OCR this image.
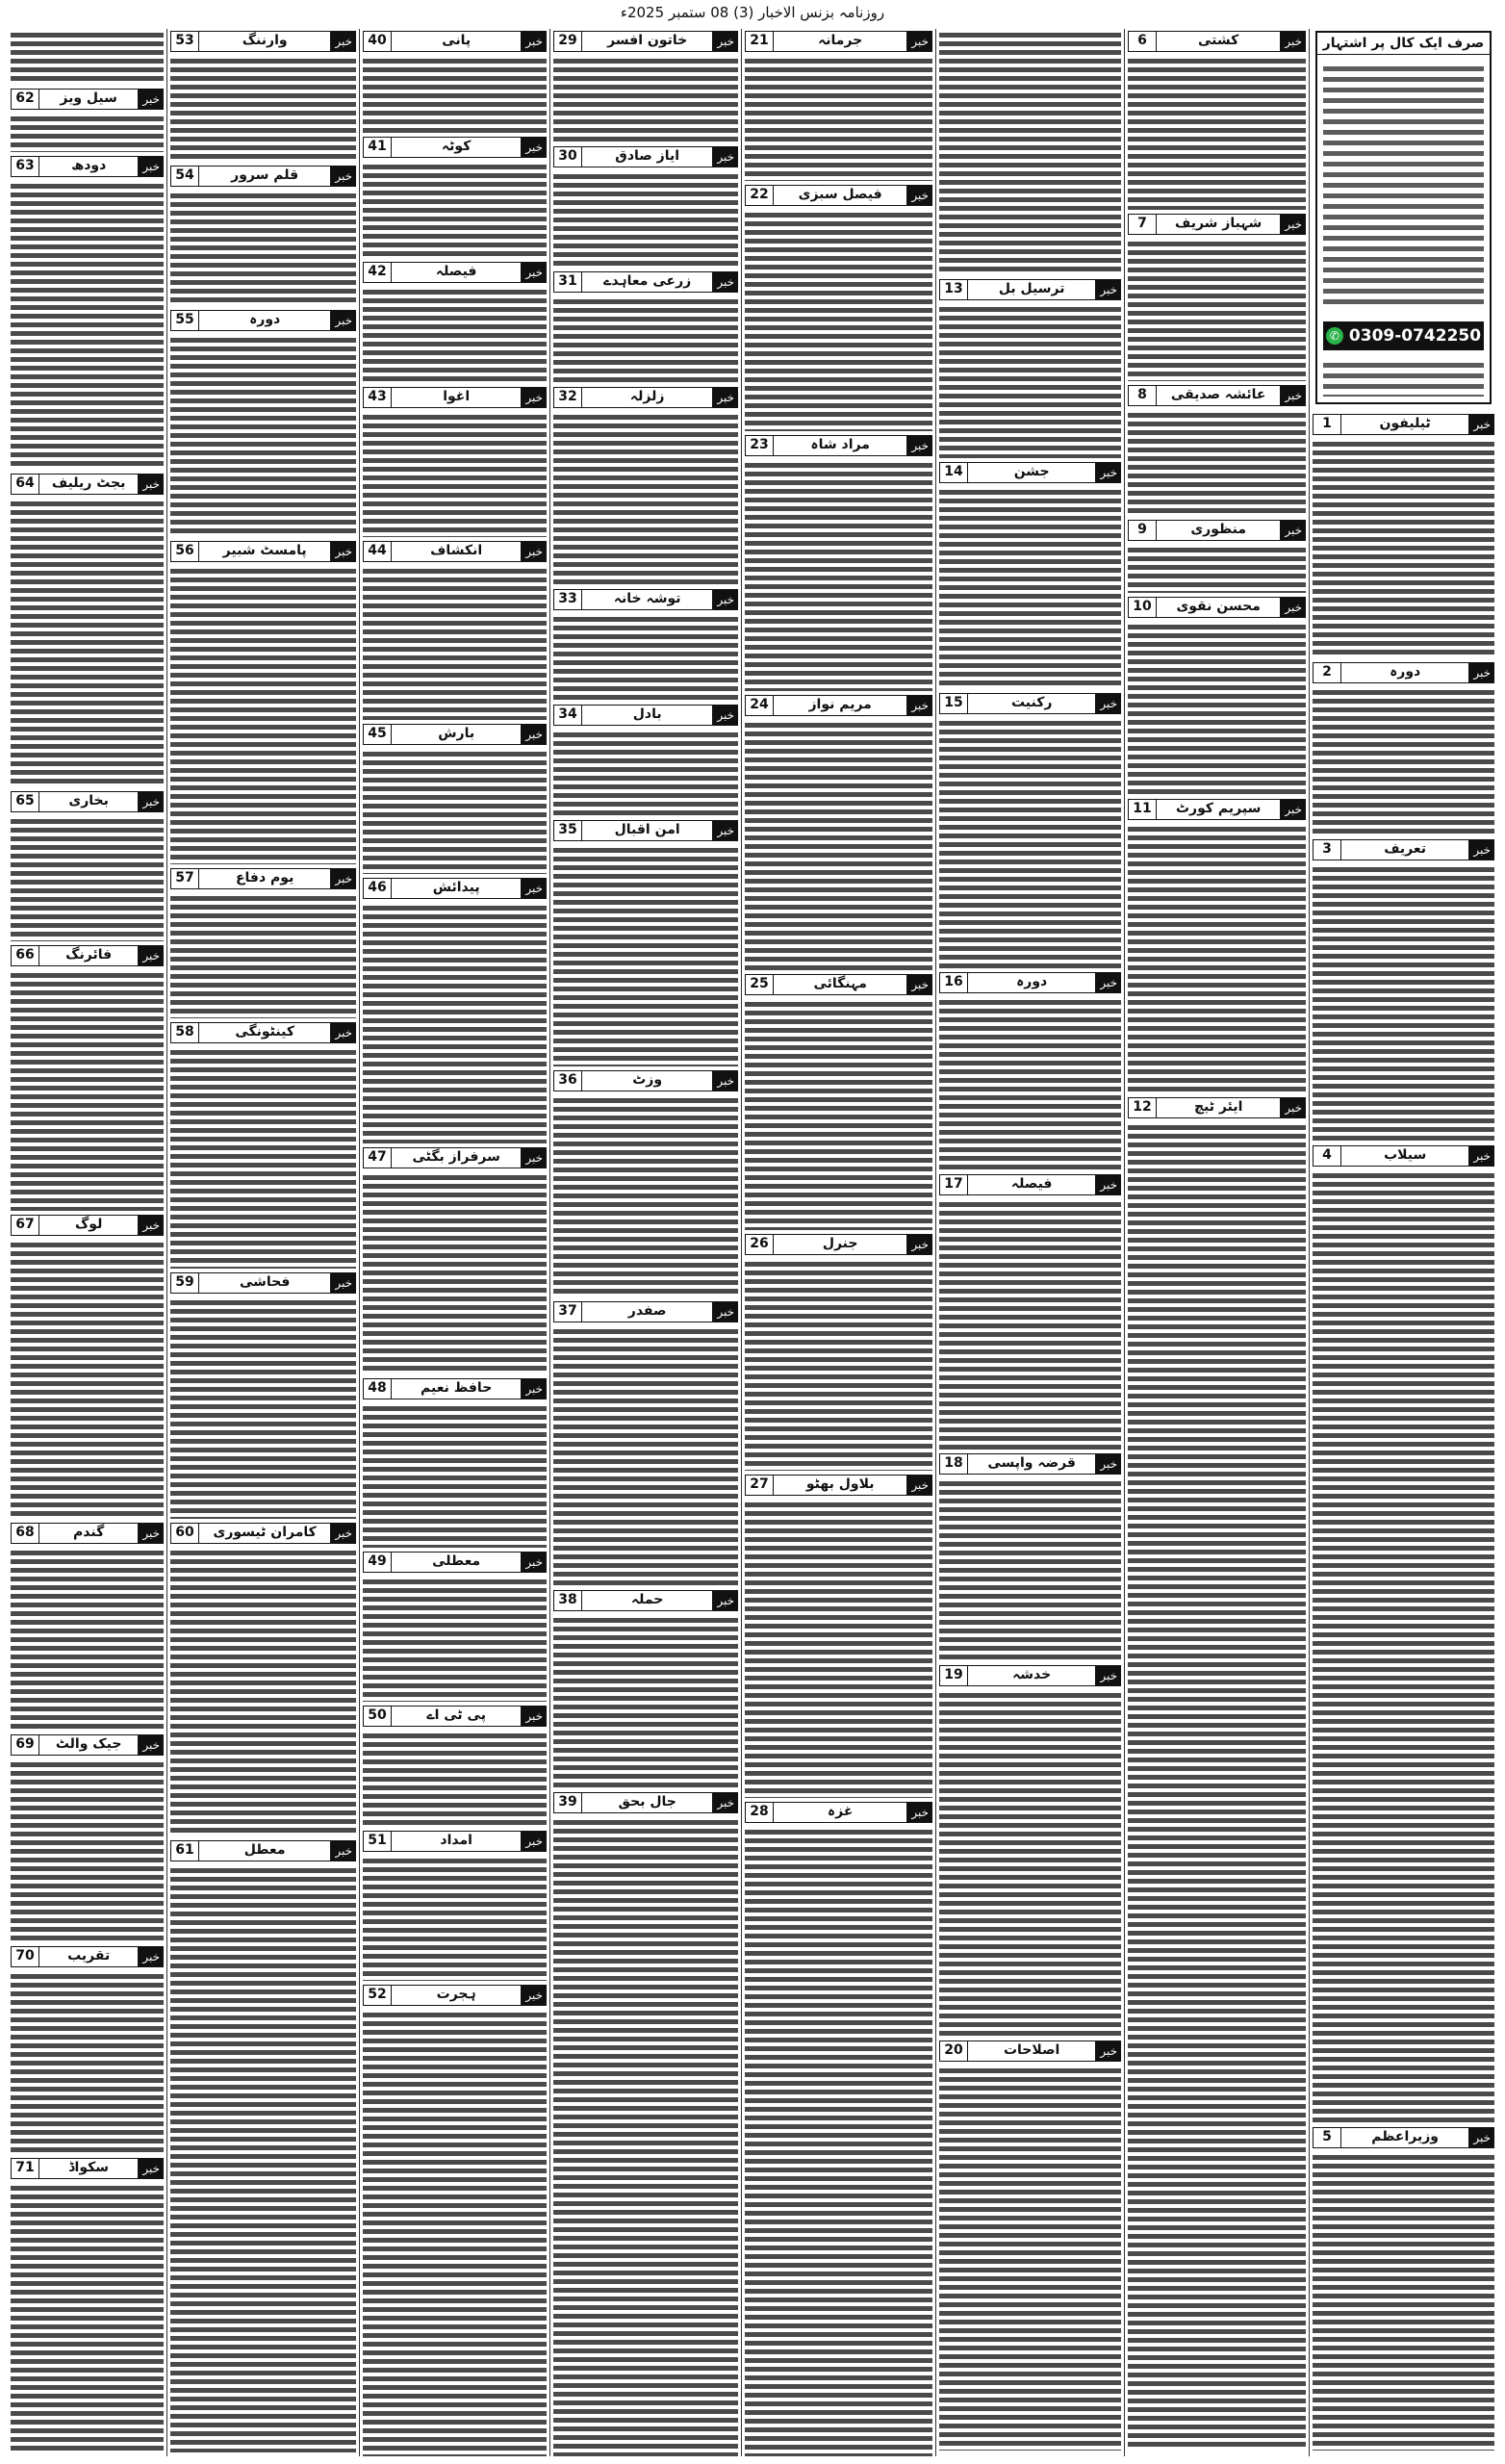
روزنامہ بزنس الاخبار (3) 08 ستمبر 2025ء
صرف ایک کال پر اشتہار
✆ 0309-0742250
خبر
ٹیلیفون
1
خبر
دورہ
2
خبر
تعریف
3
خبر
سیلاب
4
خبر
وزیراعظم
5
خبر
کشتی
6
خبر
شہباز شریف
7
خبر
عائشہ صدیقی
8
خبر
منظوری
9
خبر
محسن نقوی
10
خبر
سپریم کورٹ
11
خبر
ایئر ٹیچ
12
خبر
ترسیل بل
13
خبر
جشن
14
خبر
رکنیت
15
خبر
دورہ
16
خبر
فیصلہ
17
خبر
قرضہ واپسی
18
خبر
خدشہ
19
خبر
اصلاحات
20
خبر
جرمانہ
21
خبر
فیصل سبزی
22
خبر
مراد شاہ
23
خبر
مریم نواز
24
خبر
مہنگائی
25
خبر
جنرل
26
خبر
بلاول بھٹو
27
خبر
غزہ
28
خبر
خاتون افسر
29
خبر
ایاز صادق
30
خبر
زرعی معاہدے
31
خبر
زلزلہ
32
خبر
توشہ خانہ
33
خبر
بادل
34
خبر
امن اقبال
35
خبر
وزٹ
36
خبر
صفدر
37
خبر
حملہ
38
خبر
جال بحق
39
خبر
پانی
40
خبر
کوٹہ
41
خبر
فیصلہ
42
خبر
اغوا
43
خبر
انکشاف
44
خبر
بارش
45
خبر
پیدائش
46
خبر
سرفراز بگٹی
47
خبر
حافظ نعیم
48
خبر
معطلی
49
خبر
پی ٹی اے
50
خبر
امداد
51
خبر
ہجرت
52
خبر
وارننگ
53
خبر
قلم سرور
54
خبر
دورہ
55
خبر
پامسٹ شبیر
56
خبر
یوم دفاع
57
خبر
کینٹونگی
58
خبر
فحاشی
59
خبر
کامران ٹیسوری
60
خبر
معطل
61
خبر
سیل ویز
62
خبر
دودھ
63
خبر
بجٹ ریلیف
64
خبر
بخاری
65
خبر
فائرنگ
66
خبر
لوگ
67
خبر
گندم
68
خبر
جیک والٹ
69
خبر
تقریب
70
خبر
سکواڈ
71
